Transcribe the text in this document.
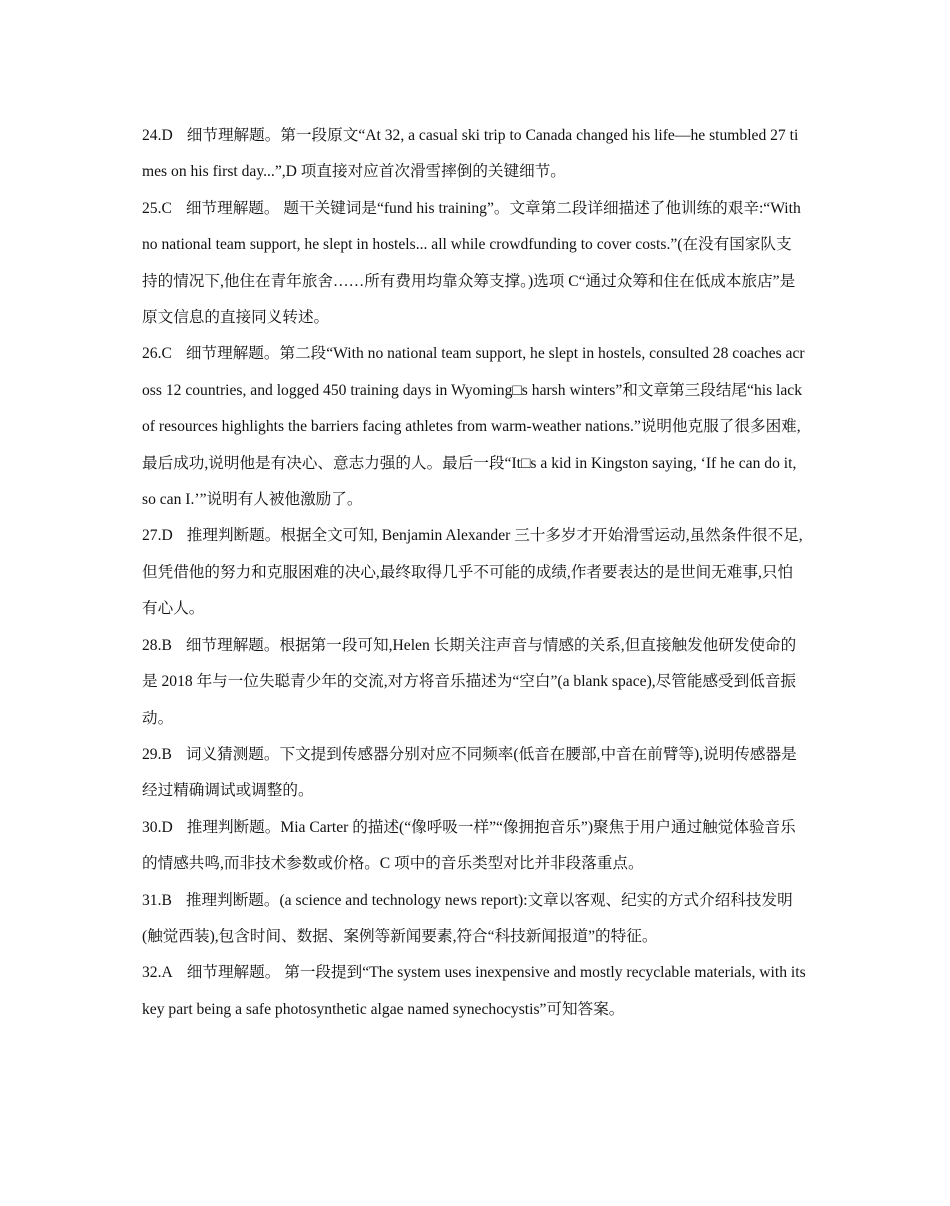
24.D 细节理解题。第一段原文“At 32, a casual ski trip to Canada changed his life—he stumbled 27 times on his first day...”,D 项直接对应首次滑雪摔倒的关键细节。

25.C 细节理解题。 题干关键词是“fund his training”。文章第二段详细描述了他训练的艰辛:“With no national team support, he slept in hostels... all while crowdfunding to cover costs.”(在没有国家队支持的情况下,他住在青年旅舍……所有费用均靠众筹支撑。)选项 C“通过众筹和住在低成本旅店”是原文信息的直接同义转述。

26.C 细节理解题。第二段“With no national team support, he slept in hostels, consulted 28 coaches across 12 countries, and logged 450 training days in Wyoming□s harsh winters”和文章第三段结尾“his lack of resources highlights the barriers facing athletes from warm-weather nations.”说明他克服了很多困难,最后成功,说明他是有决心、意志力强的人。最后一段“It□s a kid in Kingston saying, ‘If he can do it, so can I.’”说明有人被他激励了。

27.D 推理判断题。根据全文可知, Benjamin Alexander 三十多岁才开始滑雪运动,虽然条件很不足,但凭借他的努力和克服困难的决心,最终取得几乎不可能的成绩,作者要表达的是世间无难事,只怕有心人。

28.B 细节理解题。根据第一段可知,Helen 长期关注声音与情感的关系,但直接触发他研发使命的是 2018 年与一位失聪青少年的交流,对方将音乐描述为“空白”(a blank space),尽管能感受到低音振动。

29.B 词义猜测题。下文提到传感器分别对应不同频率(低音在腰部,中音在前臂等),说明传感器是经过精确调试或调整的。

30.D 推理判断题。Mia Carter 的描述(“像呼吸一样”“像拥抱音乐”)聚焦于用户通过触觉体验音乐的情感共鸣,而非技术参数或价格。C 项中的音乐类型对比并非段落重点。

31.B 推理判断题。(a science and technology news report):文章以客观、纪实的方式介绍科技发明(触觉西装),包含时间、数据、案例等新闻要素,符合“科技新闻报道”的特征。

32.A 细节理解题。 第一段提到“The system uses inexpensive and mostly recyclable materials, with its key part being a safe photosynthetic algae named synechocystis”可知答案。
